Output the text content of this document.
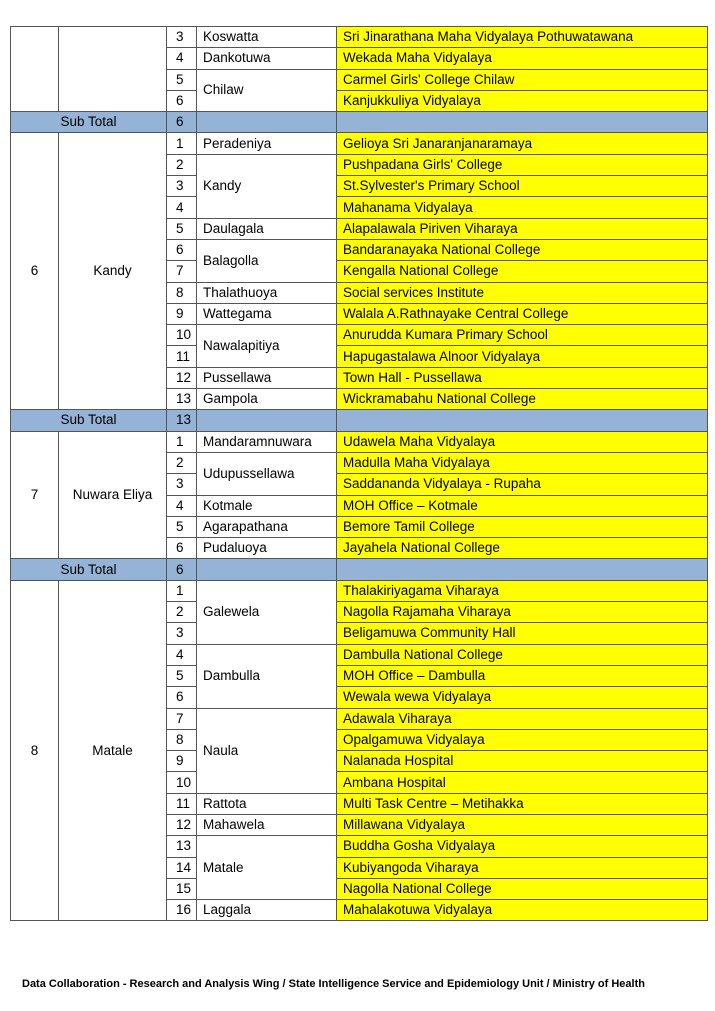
		3	Koswatta	Sri Jinarathana Maha Vidyalaya Pothuwatawana
		4	Dankotuwa	Wekada Maha Vidyalaya
		5	Chilaw	Carmel Girls' College Chilaw
		6		Kanjukkuliya Vidyalaya
Sub Total		6		
6	Kandy	1	Peradeniya	Gelioya Sri Janaranjanaramaya
		2	Kandy	Pushpadana Girls' College
		3		St.Sylvester's Primary School
		4		Mahanama Vidyalaya
		5	Daulagala	Alapalawala Piriven Viharaya
		6	Balagolla	Bandaranayaka National College
		7		Kengalla National College
		8	Thalathuoya	Social services Institute
		9	Wattegama	Walala A.Rathnayake Central College
		10	Nawalapitiya	Anurudda Kumara Primary School
		11		Hapugastalawa Alnoor Vidyalaya
		12	Pussellawa	Town Hall - Pussellawa
		13	Gampola	Wickramabahu National College
Sub Total		13		
7	Nuwara Eliya	1	Mandaramnuwara	Udawela Maha Vidyalaya
		2	Udupussellawa	Madulla Maha Vidyalaya
		3		Saddananda Vidyalaya - Rupaha
		4	Kotmale	MOH Office – Kotmale
		5	Agarapathana	Bemore Tamil College
		6	Pudaluoya	Jayahela National College
Sub Total		6		
8	Matale	1	Galewela	Thalakiriyagama Viharaya
		2		Nagolla Rajamaha Viharaya
		3		Beligamuwa Community Hall
		4	Dambulla	Dambulla National College
		5		MOH Office – Dambulla
		6		Wewala wewa Vidyalaya
		7	Naula	Adawala Viharaya
		8		Opalgamuwa Vidyalaya
		9		Nalanada Hospital
		10		Ambana Hospital
		11	Rattota	Multi Task Centre – Metihakka
		12	Mahawela	Millawana Vidyalaya
		13	Matale	Buddha Gosha Vidyalaya
		14		Kubiyangoda Viharaya
		15		Nagolla National College
		16	Laggala	Mahalakotuwa Vidyalaya
Data Collaboration - Research and Analysis Wing / State Intelligence Service and Epidemiology Unit / Ministry of Health
